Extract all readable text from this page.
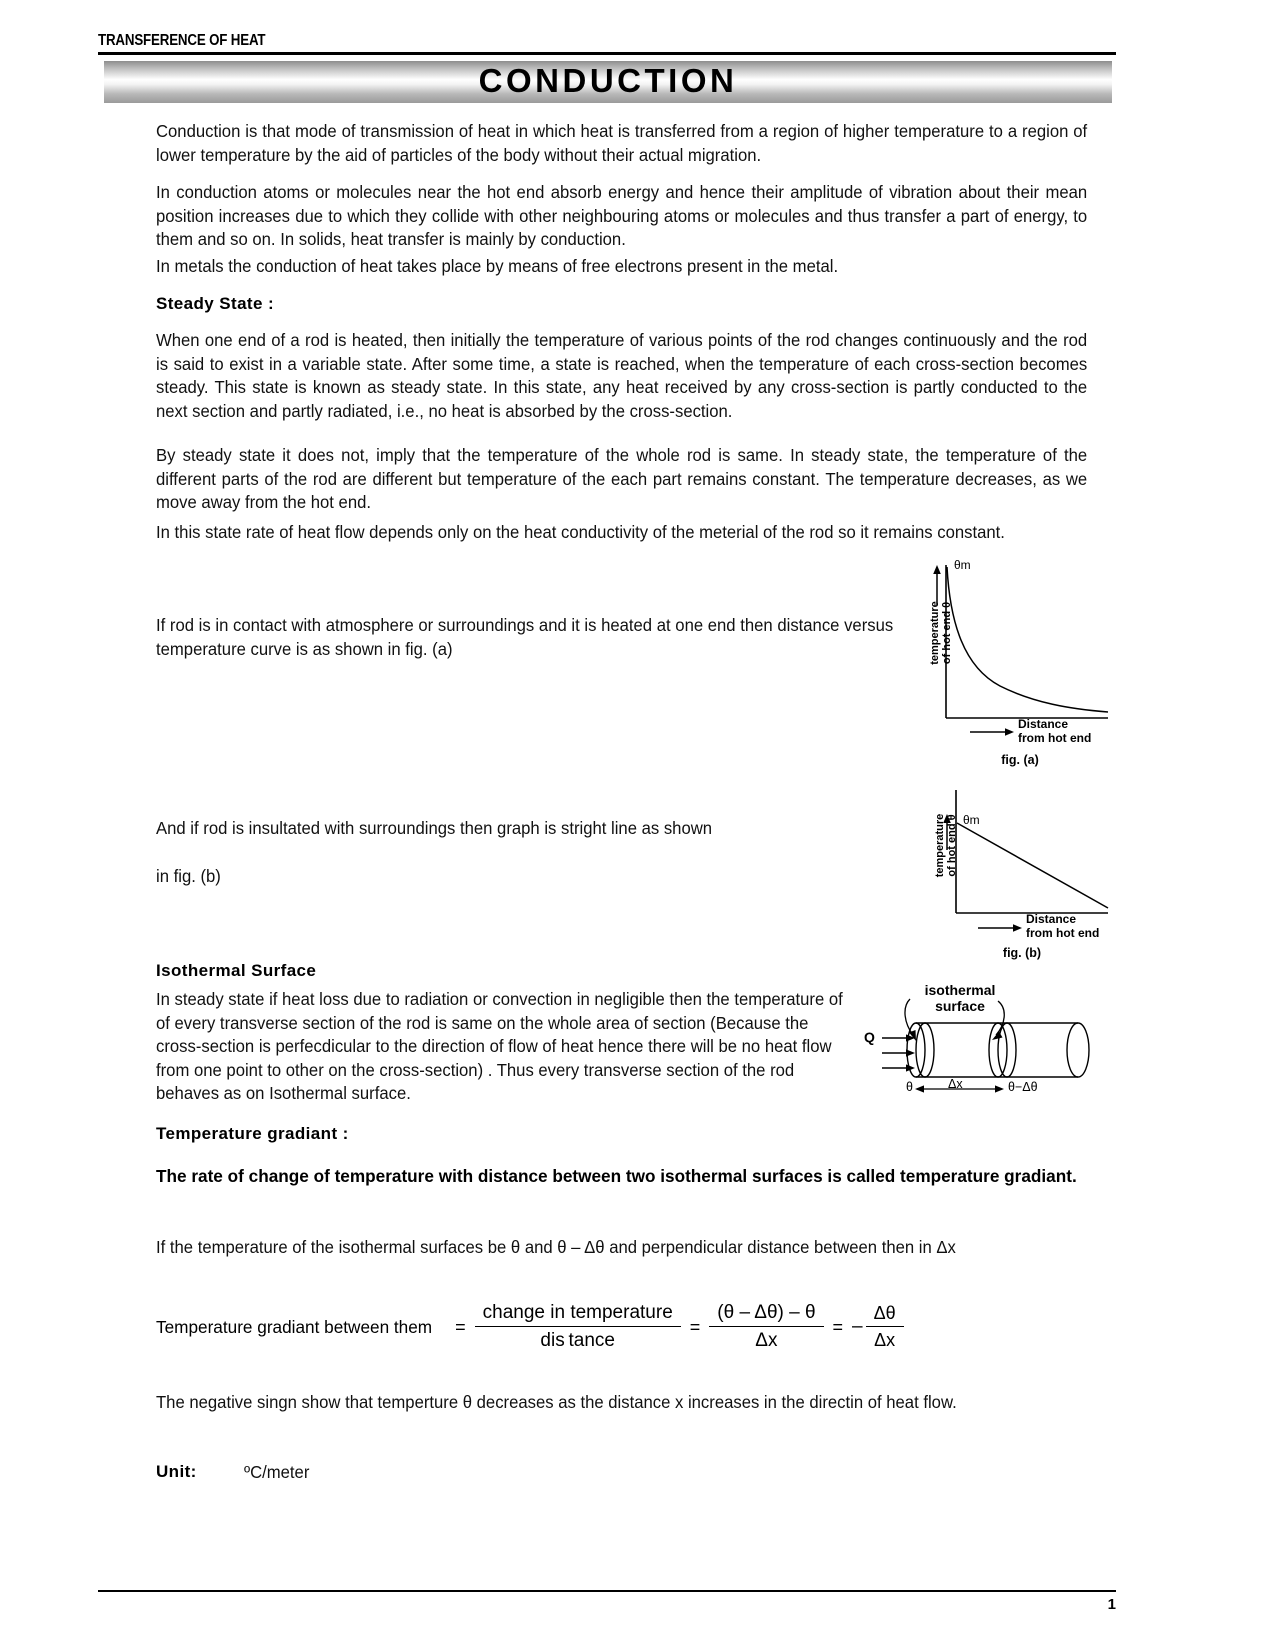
TRANSFERENCE OF HEAT
CONDUCTION
Conduction is that mode of transmission of heat in which heat is transferred from a region of higher temperature to a region of lower temperature by the aid of particles of the body without their actual migration.
In conduction atoms or molecules near the hot end absorb energy and hence their amplitude of vibration about their mean position increases due to which they collide with other neighbouring atoms or molecules and thus transfer a part of energy, to them and so on. In solids, heat transfer is mainly by conduction.
In metals the conduction of heat takes place by means of free electrons present in the metal.
Steady State :
When one end of a rod is heated, then initially the temperature of various points of the rod changes continuously and the rod is said to exist in a variable state. After some time, a state is reached, when the temperature of each cross-section becomes steady. This state is known as steady state. In this state, any heat received by any cross-section is partly conducted to the next section and partly radiated, i.e., no heat is absorbed by the cross-section.
By steady state it does not, imply that the temperature of the whole rod is same. In steady state, the temperature of the different parts of the rod are different but temperature of the each part remains constant. The temperature decreases, as we move away from the hot end.
In this state rate of heat flow depends only on the heat conductivity of the meterial of the rod so it remains constant.
If rod is in contact with atmosphere or surroundings and it is heated at one end then distance versus temperature curve is as shown in fig. (a)
And if rod is insultated with surroundings then graph is stright line as shown
in fig. (b)
θm
temperature
of hot end θ
Distance
from hot end
fig. (a)
θm
temperature
of hot end θ
Distance
from hot end
fig. (b)
Isothermal Surface
In steady state if heat loss due to radiation or convection in negligible then the temperature of of every transverse section of the rod is same on the whole area of section (Because the cross-section is perfecdicular to the direction of flow of heat hence there will be no heat flow from one point to other on the cross-section) . Thus every transverse section of the rod behaves as on Isothermal surface.
isothermal
surface
Q
θ	Δx	θ−Δθ
Temperature gradiant :
The rate of change of temperature with distance between two isothermal surfaces is called temperature gradiant.
If the temperature of the isothermal surfaces be θ and θ – Δθ and perpendicular distance between then in Δx
Temperature gradiant between them = $\frac{\text{change in temperature}}{\text{dis tance}} = \frac{(\theta - \Delta\theta) - \theta}{\Delta x}$ = – $\frac{\Delta\theta}{\Delta x}$
The negative singn show that temperture θ decreases as the distance x increases in the directin of heat flow.
Unit:	ºC/meter
1
